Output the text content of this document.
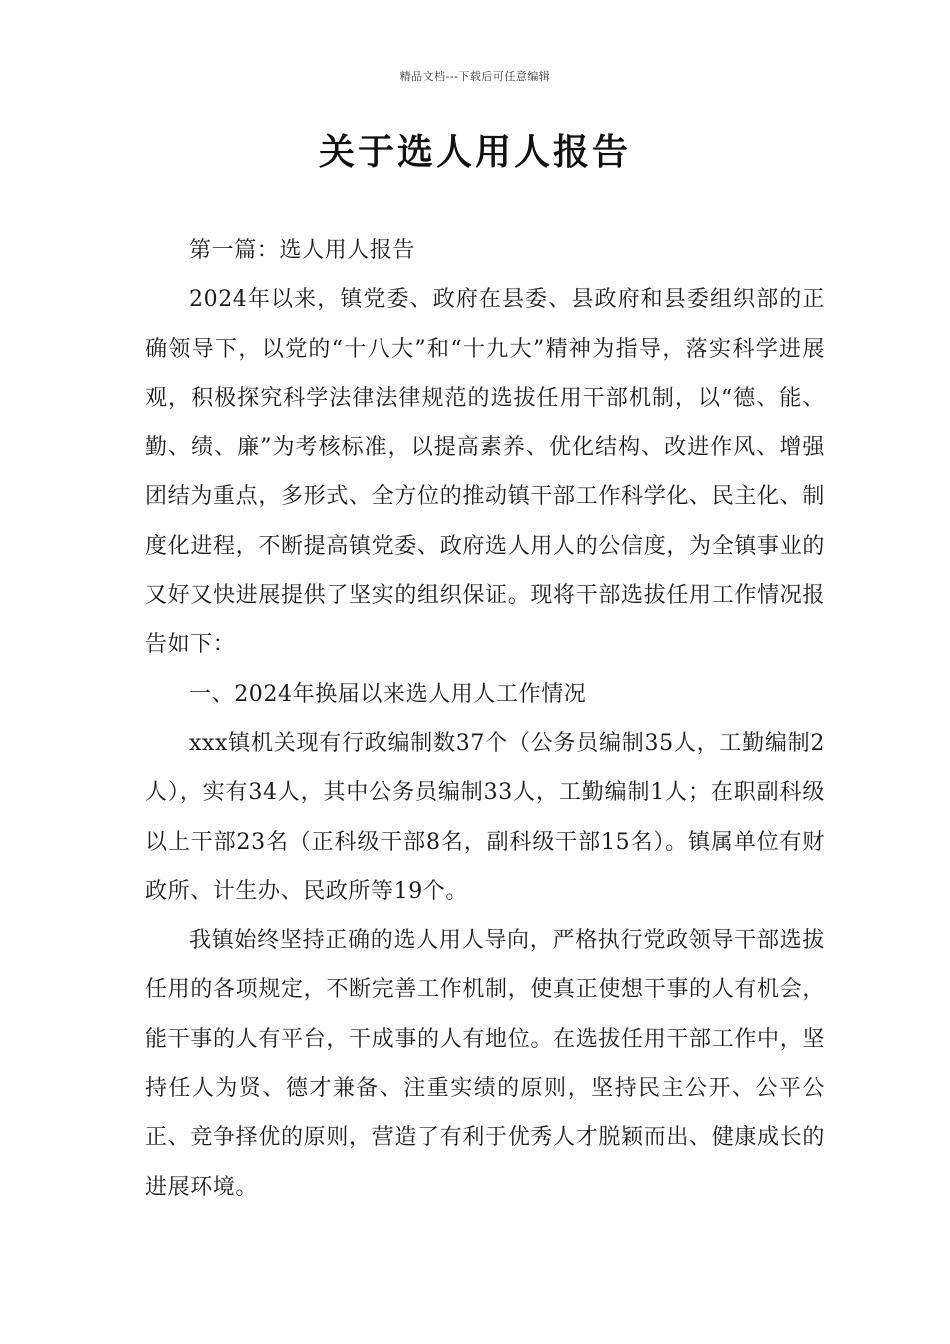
精品文档---下载后可任意编辑
关于选人用人报告

第一篇：选人用人报告

2024年以来，镇党委、政府在县委、县政府和县委组织部的正确领导下，以党的“十八大”和“十九大”精神为指导，落实科学进展观，积极探究科学法律法律规范的选拔任用干部机制，以“德、能、勤、绩、廉”为考核标准，以提高素养、优化结构、改进作风、增强团结为重点，多形式、全方位的推动镇干部工作科学化、民主化、制度化进程，不断提高镇党委、政府选人用人的公信度，为全镇事业的又好又快进展提供了坚实的组织保证。现将干部选拔任用工作情况报告如下：

一、2024年换届以来选人用人工作情况

xxx镇机关现有行政编制数37个（公务员编制35人，工勤编制2人），实有34人，其中公务员编制33人，工勤编制1人；在职副科级以上干部23名（正科级干部8名，副科级干部15名）。镇属单位有财政所、计生办、民政所等19个。

我镇始终坚持正确的选人用人导向，严格执行党政领导干部选拔任用的各项规定，不断完善工作机制，使真正使想干事的人有机会，能干事的人有平台，干成事的人有地位。在选拔任用干部工作中，坚持任人为贤、德才兼备、注重实绩的原则，坚持民主公开、公平公正、竞争择优的原则，营造了有利于优秀人才脱颖而出、健康成长的进展环境。
